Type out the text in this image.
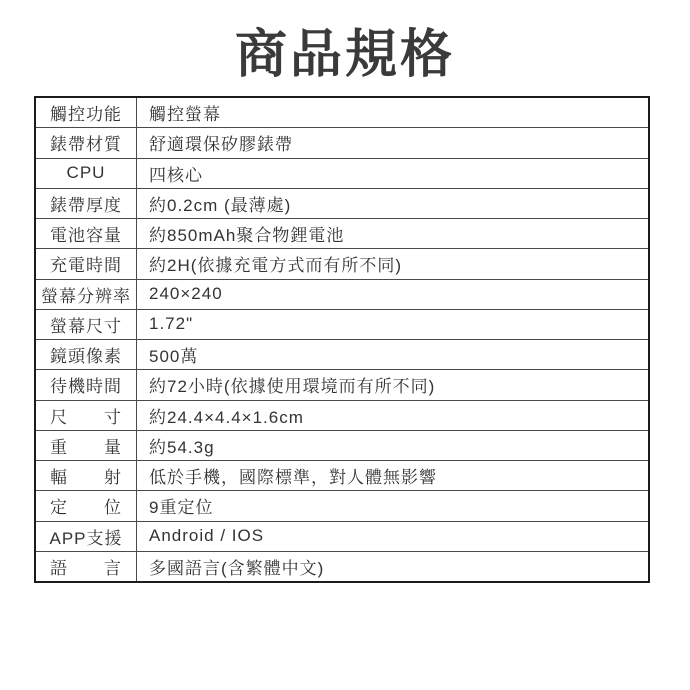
商品規格
觸控功能	觸控螢幕
錶帶材質	舒適環保矽膠錶帶
CPU	四核心
錶帶厚度	約0.2cm (最薄處)
電池容量	約850mAh聚合物鋰電池
充電時間	約2H(依據充電方式而有所不同)
螢幕分辨率	240×240
螢幕尺寸	1.72"
鏡頭像素	500萬
待機時間	約72小時(依據使用環境而有所不同)
尺　　寸	約24.4×4.4×1.6cm
重　　量	約54.3g
輻　　射	低於手機，國際標準，對人體無影響
定　　位	9重定位
APP支援	Android / IOS
語　　言	多國語言(含繁體中文)
